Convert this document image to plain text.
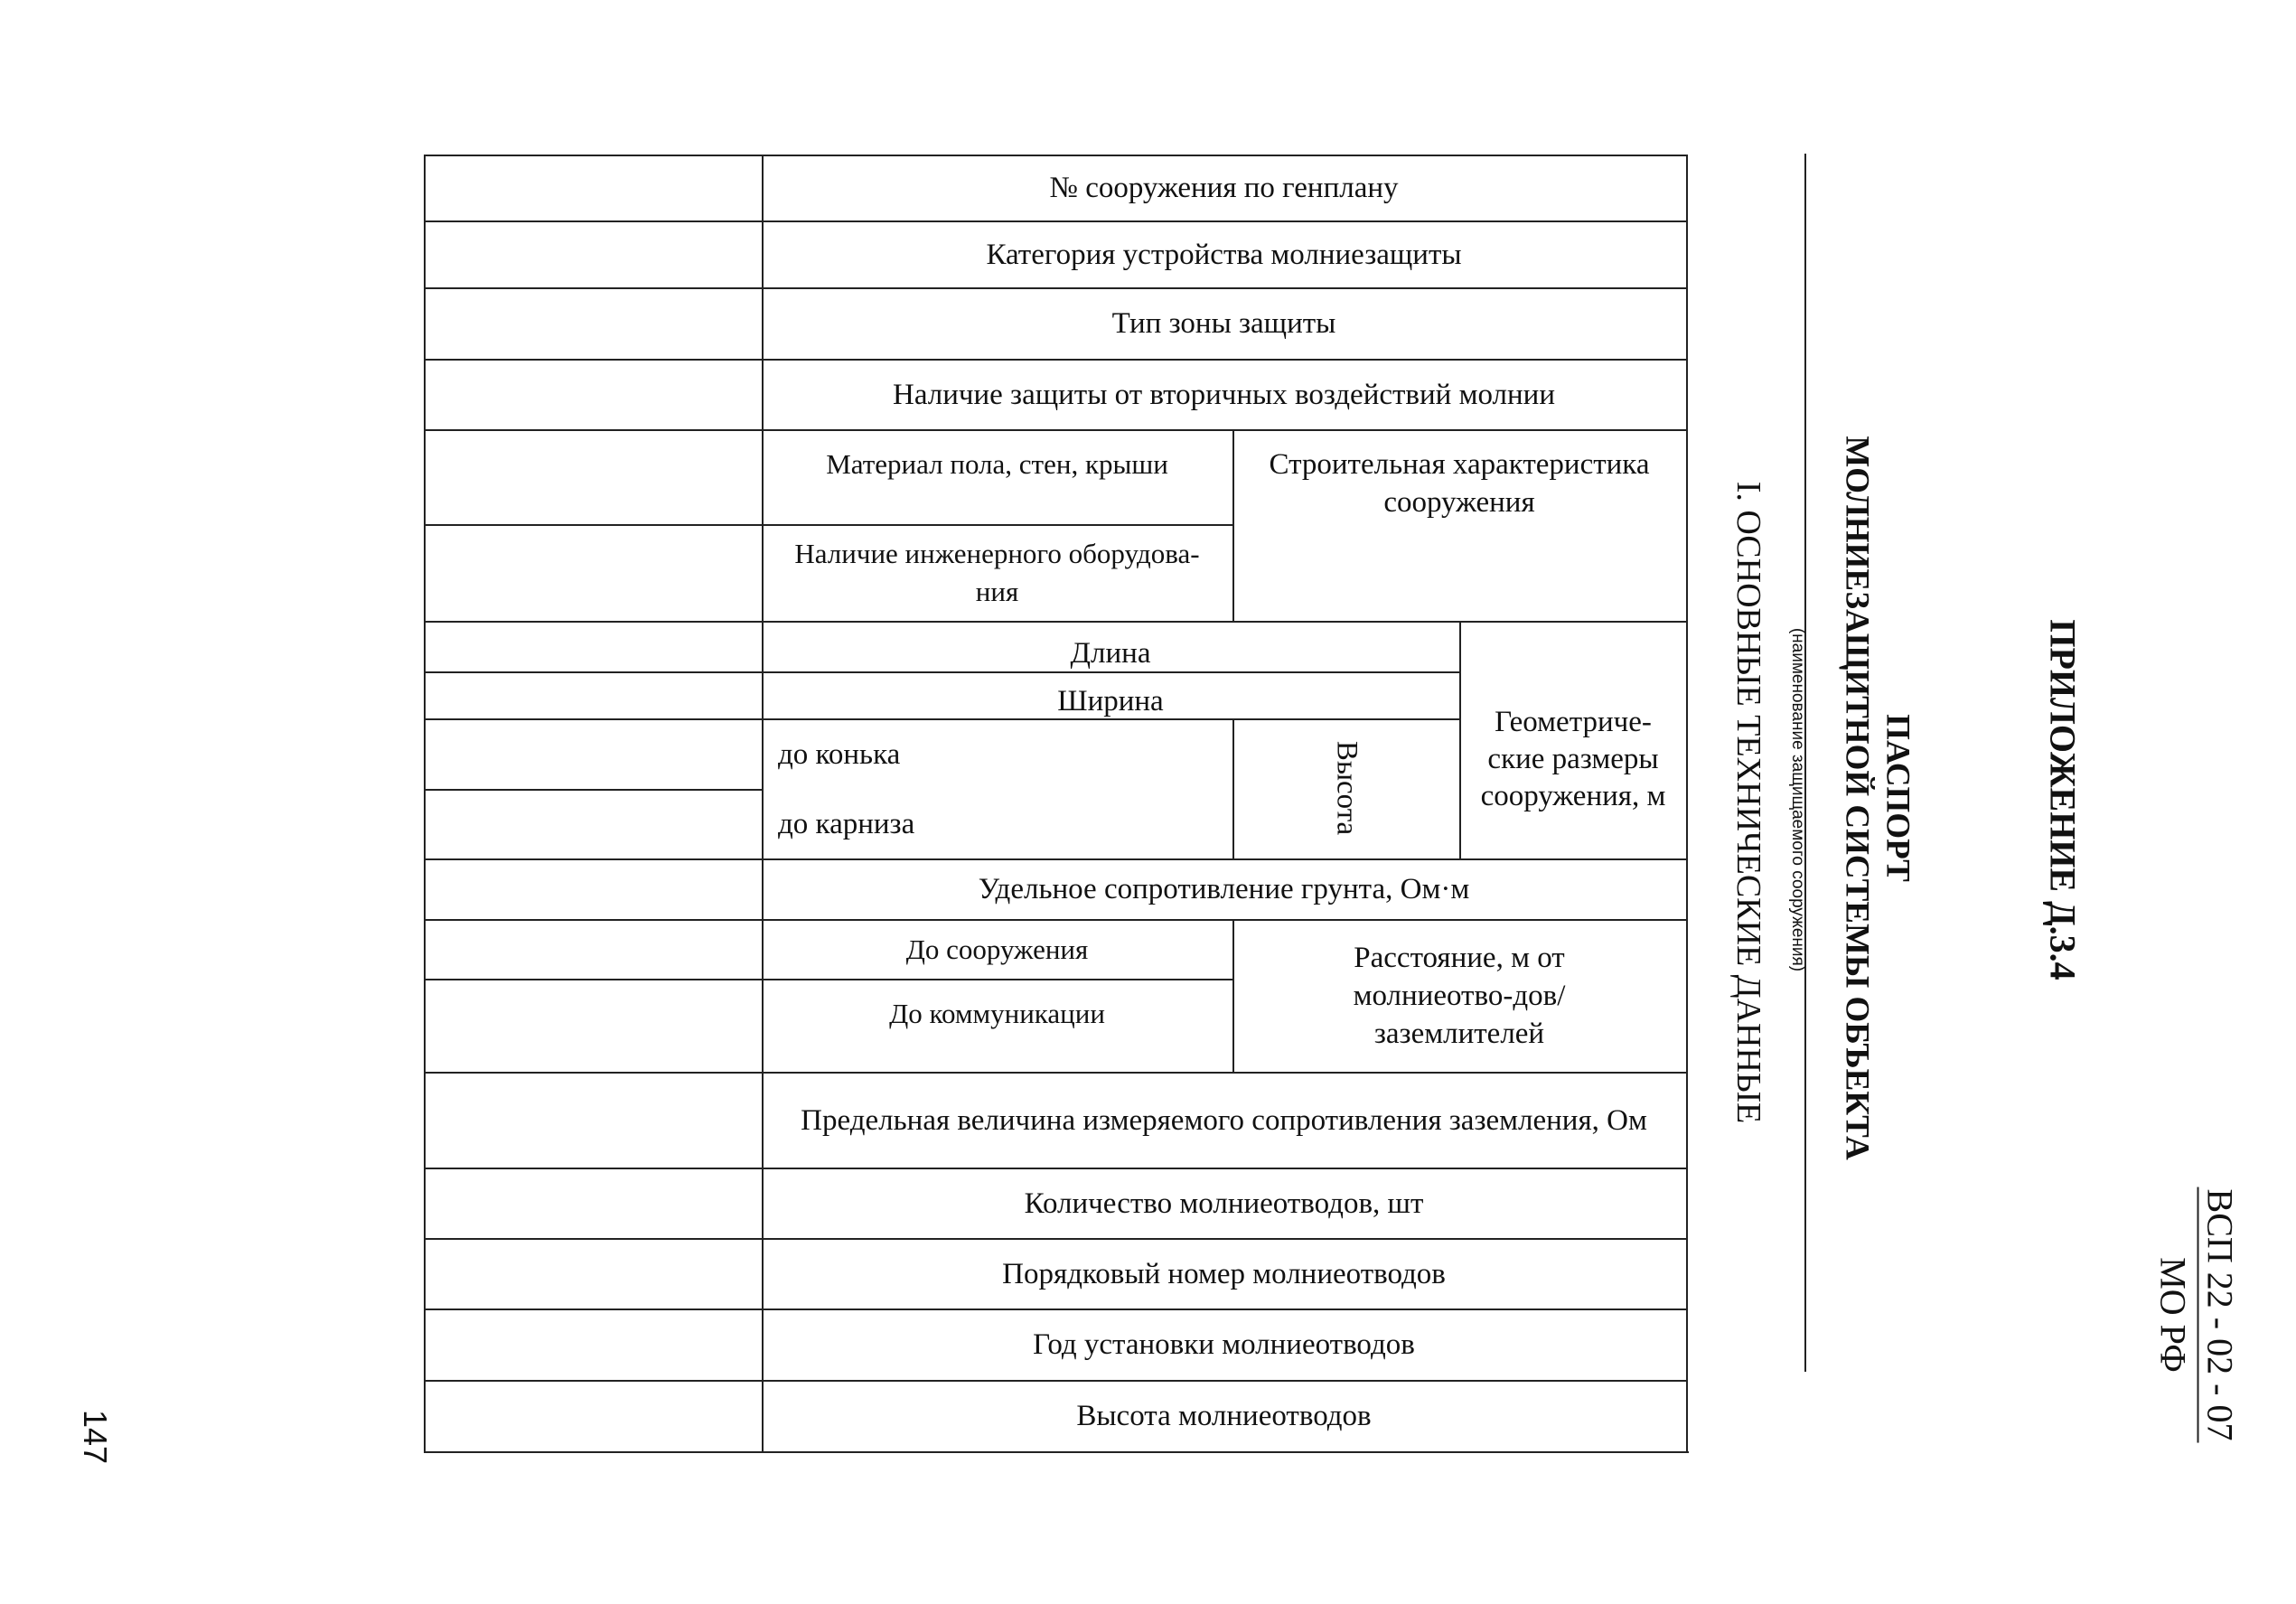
№ сооружения по генплану
Категория устройства молниезащиты
Тип зоны защиты
Наличие защиты от вторичных воздействий молнии
Материал пола, стен, крыши
Наличие инженерного оборудова-ния
Строительная характеристика сооружения
Длина
Ширина
до конька
до карниза	Высота
Геометриче-ские размеры сооружения, м
Удельное сопротивление грунта, Ом·м
До сооружения
До коммуникации
Расстояние, м от молниеотво-дов/заземлителей
Предельная величина измеряемого сопротивления заземления, Ом
Количество молниеотводов, шт
Порядковый номер молниеотводов
Год установки молниеотводов
Высота молниеотводов
I. ОСНОВНЫЕ ТЕХНИЧЕСКИЕ ДАННЫЕ (наименование защищаемого сооружения) МОЛНИЕЗАЩИТНОЙ СИСТЕМЫ ОБЪЕКТА ПАСПОРТ	ПРИЛОЖЕНИЕ Д.3.4
ВСП 22 - 02 - 07
МО РФ
147
